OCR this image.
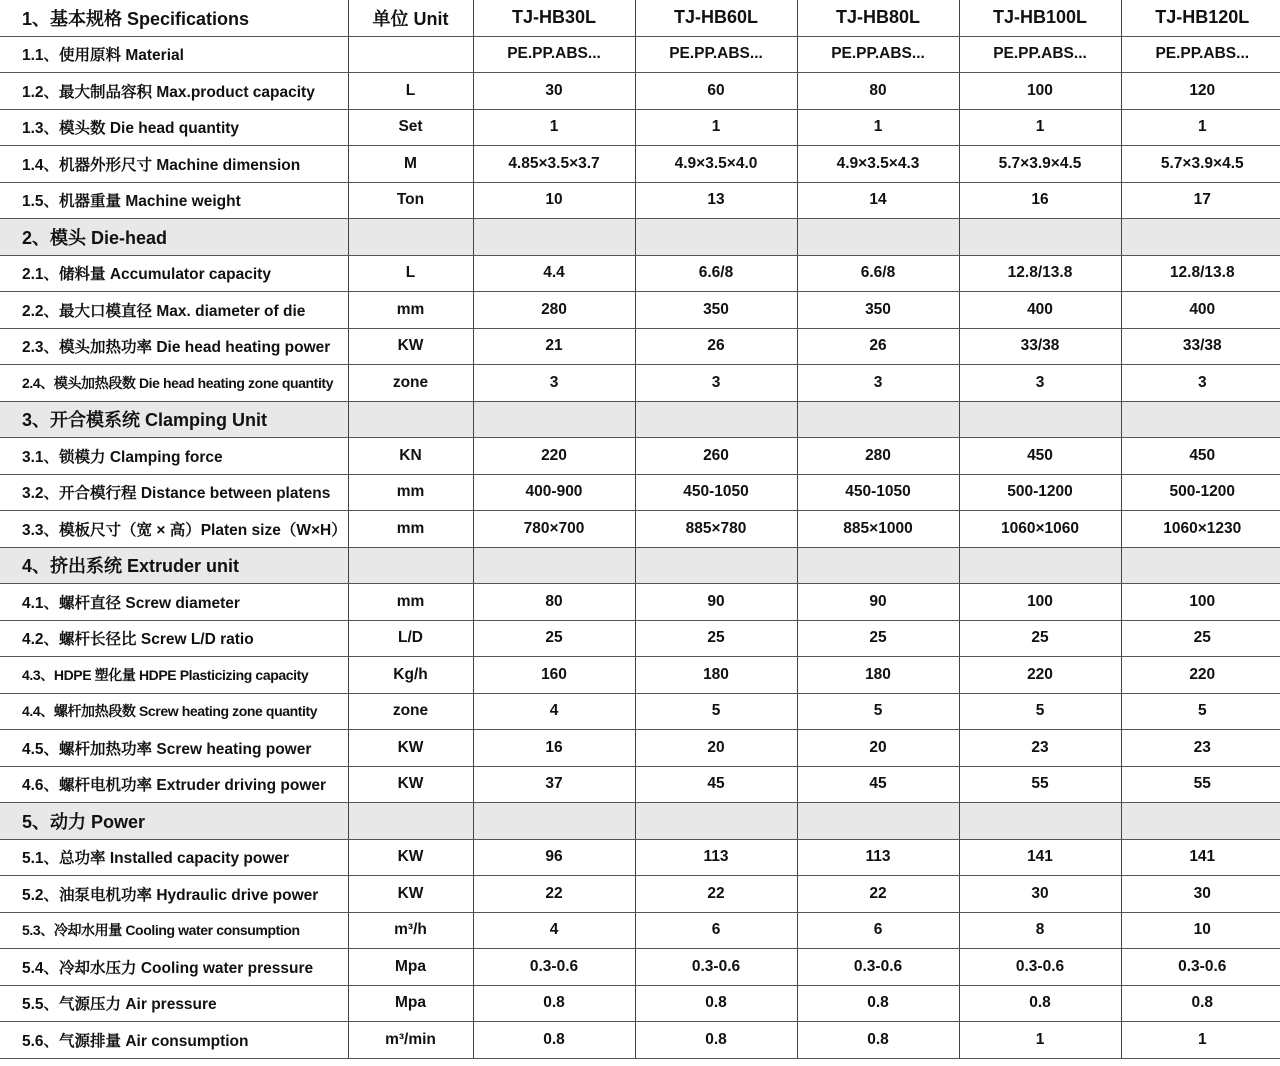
1、基本规格 Specifications	单位 Unit	TJ-HB30L	TJ-HB60L	TJ-HB80L	TJ-HB100L	TJ-HB120L
1.1、使用原料 Material		PE.PP.ABS...	PE.PP.ABS...	PE.PP.ABS...	PE.PP.ABS...	PE.PP.ABS...
1.2、最大制品容积 Max.product capacity	L	30	60	80	100	120
1.3、模头数 Die head quantity	Set	1	1	1	1	1
1.4、机器外形尺寸 Machine dimension	M	4.85×3.5×3.7	4.9×3.5×4.0	4.9×3.5×4.3	5.7×3.9×4.5	5.7×3.9×4.5
1.5、机器重量 Machine weight	Ton	10	13	14	16	17
2、模头 Die-head						
2.1、储料量 Accumulator capacity	L	4.4	6.6/8	6.6/8	12.8/13.8	12.8/13.8
2.2、最大口模直径 Max. diameter of die	mm	280	350	350	400	400
2.3、模头加热功率 Die head heating power	KW	21	26	26	33/38	33/38
2.4、模头加热段数 Die head heating zone quantity	zone	3	3	3	3	3
3、开合模系统 Clamping Unit						
3.1、锁模力 Clamping force	KN	220	260	280	450	450
3.2、开合模行程 Distance between platens	mm	400-900	450-1050	450-1050	500-1200	500-1200
3.3、模板尺寸（宽 × 高）Platen size（W×H）	mm	780×700	885×780	885×1000	1060×1060	1060×1230
4、挤出系统 Extruder unit						
4.1、螺杆直径 Screw diameter	mm	80	90	90	100	100
4.2、螺杆长径比 Screw L/D ratio	L/D	25	25	25	25	25
4.3、HDPE 塑化量 HDPE Plasticizing capacity	Kg/h	160	180	180	220	220
4.4、螺杆加热段数 Screw heating zone quantity	zone	4	5	5	5	5
4.5、螺杆加热功率 Screw heating power	KW	16	20	20	23	23
4.6、螺杆电机功率 Extruder driving power	KW	37	45	45	55	55
5、动力 Power						
5.1、总功率 Installed capacity power	KW	96	113	113	141	141
5.2、油泵电机功率 Hydraulic drive power	KW	22	22	22	30	30
5.3、冷却水用量 Cooling water consumption	m³/h	4	6	6	8	10
5.4、冷却水压力 Cooling water pressure	Mpa	0.3-0.6	0.3-0.6	0.3-0.6	0.3-0.6	0.3-0.6
5.5、气源压力 Air pressure	Mpa	0.8	0.8	0.8	0.8	0.8
5.6、气源排量 Air consumption	m³/min	0.8	0.8	0.8	1	1
